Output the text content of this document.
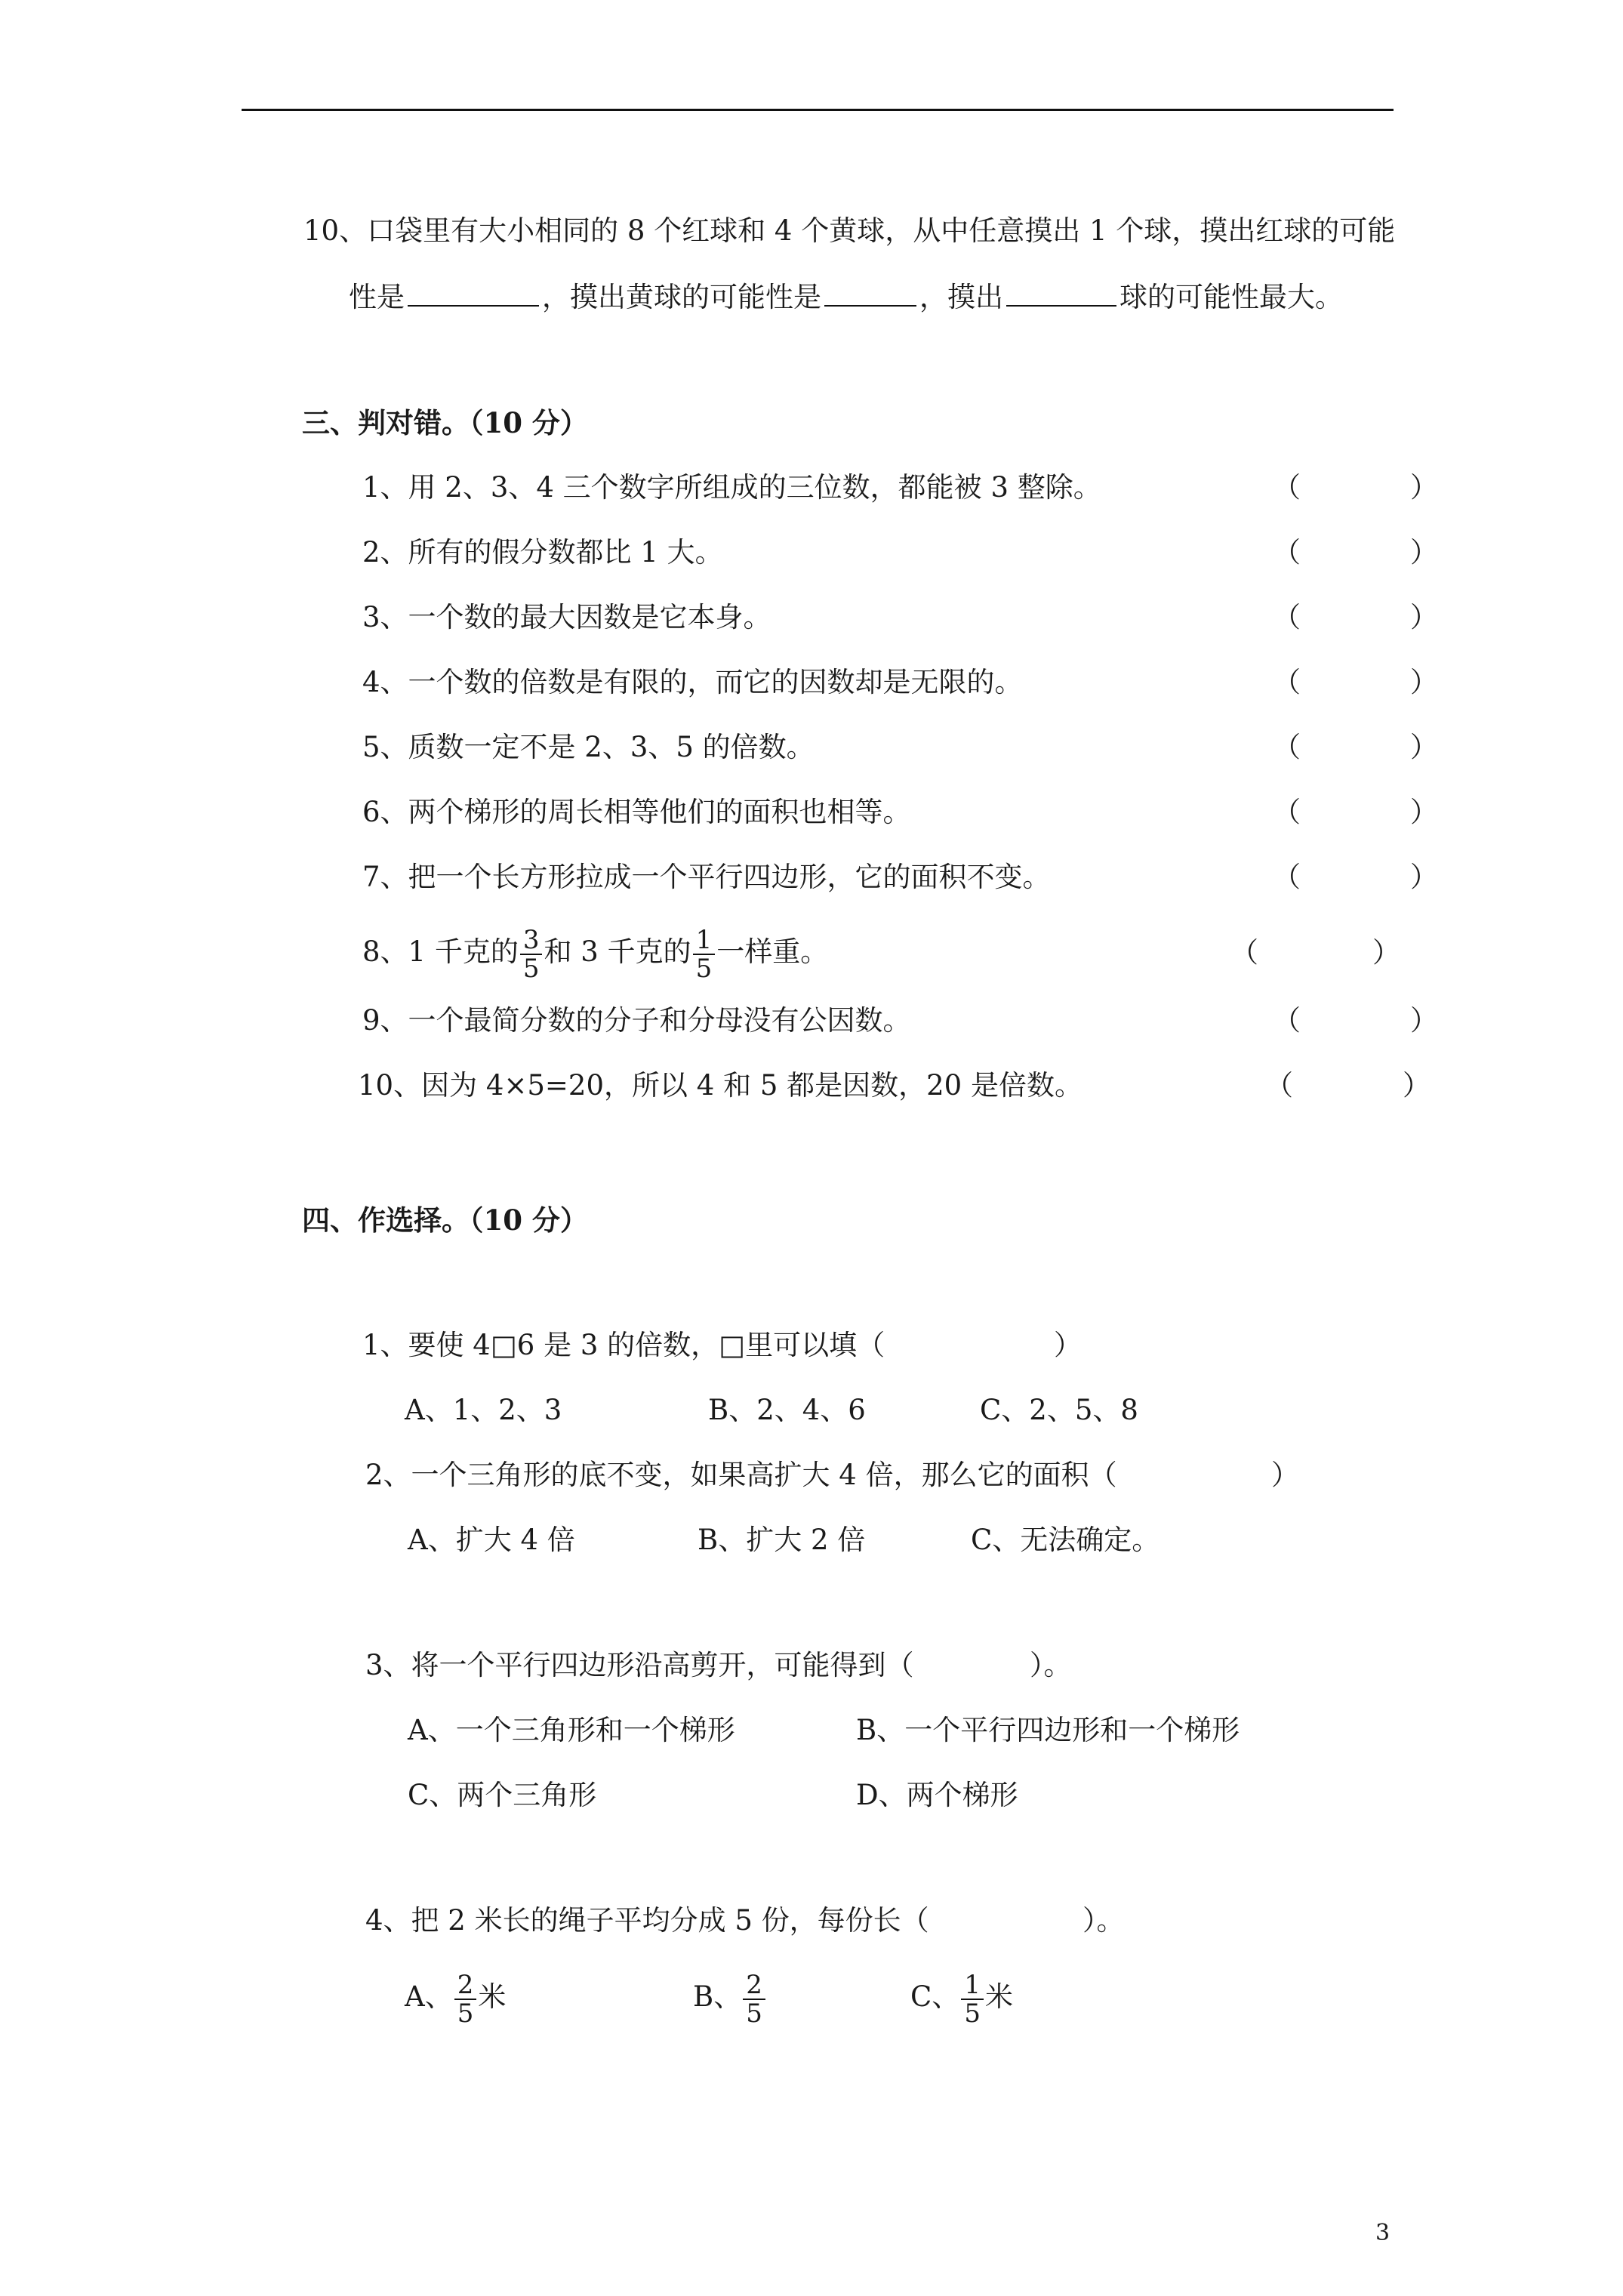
10、口袋里有大小相同的 8 个红球和 4 个黄球，从中任意摸出 1 个球，摸出红球的可能
性是	，摸出黄球的可能性是	，摸出	球的可能性最大。
三、判对错。（10 分）
1、用 2、3、4 三个数字所组成的三位数，都能被 3 整除。	（	）
2、所有的假分数都比 1 大。	（	）
3、一个数的最大因数是它本身。	（	）
4、一个数的倍数是有限的，而它的因数却是无限的。	（	）
5、质数一定不是 2、3、5 的倍数。	（	）
6、两个梯形的周长相等他们的面积也相等。	（	）
7、把一个长方形拉成一个平行四边形，它的面积不变。	（	）
8、1 千克的 $\frac{3}{5}$ 和 3 千克的 $\frac{1}{5}$ 一样重。	（	）
9、一个最简分数的分子和分母没有公因数。	（	）
10、因为 4×5=20，所以 4 和 5 都是因数，20 是倍数。	（	）
四、作选择。（10 分）
1、要使 4□6 是 3 的倍数，□里可以填（	）
A、1、2、3	B、2、4、6	C、2、5、8
2、一个三角形的底不变，如果高扩大 4 倍，那么它的面积（	）
A、扩大 4 倍	B、扩大 2 倍	C、无法确定。
3、将一个平行四边形沿高剪开，可能得到（	）。
A、一个三角形和一个梯形	B、一个平行四边形和一个梯形
C、两个三角形	D、两个梯形
4、把 2 米长的绳子平均分成 5 份，每份长（	）。
A、 $\frac{2}{5}$ 米	B、 $\frac{2}{5}$	C、 $\frac{1}{5}$ 米
3
